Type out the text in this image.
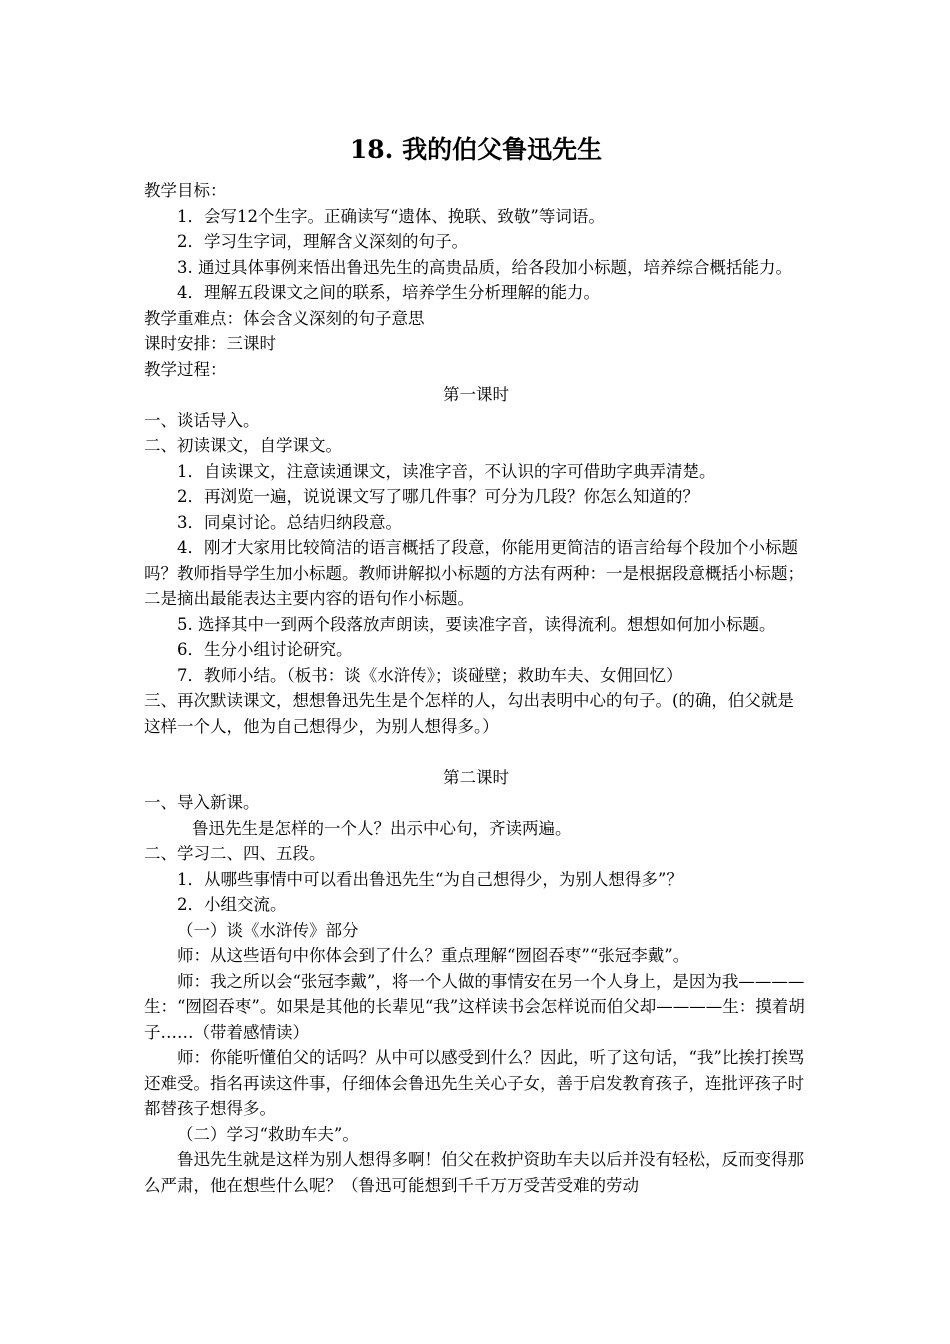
18. 我的伯父鲁迅先生

教学目标：

1．会写12个生字。正确读写“遗体、挽联、致敬”等词语。

2．学习生字词，理解含义深刻的句子。

3. 通过具体事例来悟出鲁迅先生的高贵品质，给各段加小标题，培养综合概括能力。

4．理解五段课文之间的联系，培养学生分析理解的能力。

教学重难点：体会含义深刻的句子意思

课时安排：三课时

教学过程：

第一课时

一、谈话导入。

二、初读课文，自学课文。

1．自读课文，注意读通课文，读准字音，不认识的字可借助字典弄清楚。

2．再浏览一遍，说说课文写了哪几件事？可分为几段？你怎么知道的？

3．同桌讨论。总结归纳段意。

4．刚才大家用比较简洁的语言概括了段意，你能用更简洁的语言给每个段加个小标题吗？教师指导学生加小标题。教师讲解拟小标题的方法有两种：一是根据段意概括小标题；二是摘出最能表达主要内容的语句作小标题。

5. 选择其中一到两个段落放声朗读，要读准字音，读得流利。想想如何加小标题。

6．生分小组讨论研究。

7．教师小结。（板书：谈《水浒传》；谈碰壁；救助车夫、女佣回忆）

三、再次默读课文，想想鲁迅先生是个怎样的人，勾出表明中心的句子。(的确，伯父就是这样一个人，他为自己想得少，为别人想得多。）

第二课时

一、导入新课。

鲁迅先生是怎样的一个人？出示中心句，齐读两遍。

二、学习二、四、五段。

1．从哪些事情中可以看出鲁迅先生“为自己想得少，为别人想得多”？

2．小组交流。

（一）谈《水浒传》部分

师：从这些语句中你体会到了什么？重点理解“囫囵吞枣”“张冠李戴”。

师：我之所以会“张冠李戴”，将一个人做的事情安在另一个人身上，是因为我————生：“囫囵吞枣”。如果是其他的长辈见“我”这样读书会怎样说而伯父却————生：摸着胡子……（带着感情读）

师：你能听懂伯父的话吗？从中可以感受到什么？因此，听了这句话，“我”比挨打挨骂还难受。指名再读这件事，仔细体会鲁迅先生关心子女，善于启发教育孩子，连批评孩子时都替孩子想得多。

（二）学习“救助车夫”。

鲁迅先生就是这样为别人想得多啊！伯父在救护资助车夫以后并没有轻松，反而变得那么严肃，他在想些什么呢？（鲁迅可能想到千千万万受苦受难的劳动
